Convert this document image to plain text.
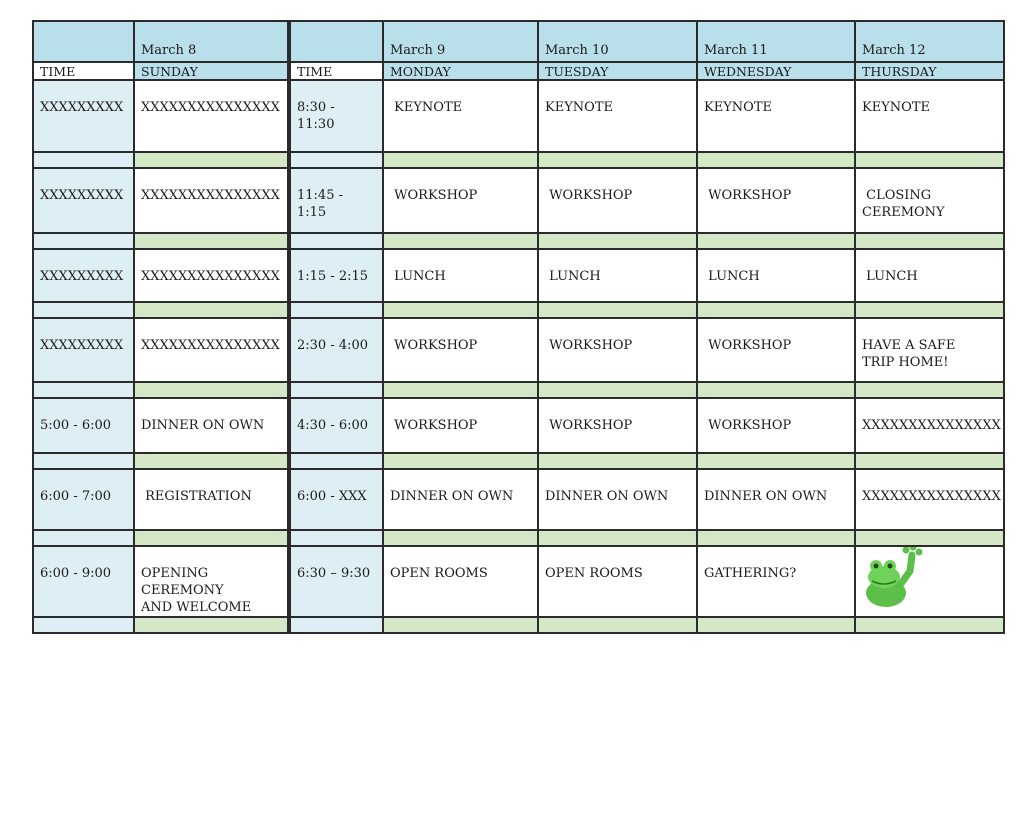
	March 8		March 9	March 10	March 11	March 12
TIME	SUNDAY	TIME	MONDAY	TUESDAY	WEDNESDAY	THURSDAY
XXXXXXXXX	XXXXXXXXXXXXXXX	8:30 - 11:30	KEYNOTE	KEYNOTE	KEYNOTE	KEYNOTE

XXXXXXXXX	XXXXXXXXXXXXXXX	11:45 - 1:15	WORKSHOP	WORKSHOP	WORKSHOP	CLOSING
CEREMONY

XXXXXXXXX	XXXXXXXXXXXXXXX	1:15 - 2:15	LUNCH	LUNCH	LUNCH	LUNCH

XXXXXXXXX	XXXXXXXXXXXXXXX	2:30 - 4:00	WORKSHOP	WORKSHOP	WORKSHOP	HAVE A SAFE
TRIP HOME!

5:00 - 6:00	DINNER ON OWN	4:30 - 6:00	WORKSHOP	WORKSHOP	WORKSHOP	XXXXXXXXXXXXXXX

6:00 - 7:00	REGISTRATION	6:00 - XXX	DINNER ON OWN	DINNER ON OWN	DINNER ON OWN	XXXXXXXXXXXXXXX

6:00 - 9:00	OPENING CEREMONY
AND WELCOME	6:30 – 9:30	OPEN ROOMS	OPEN ROOMS	GATHERING?	
